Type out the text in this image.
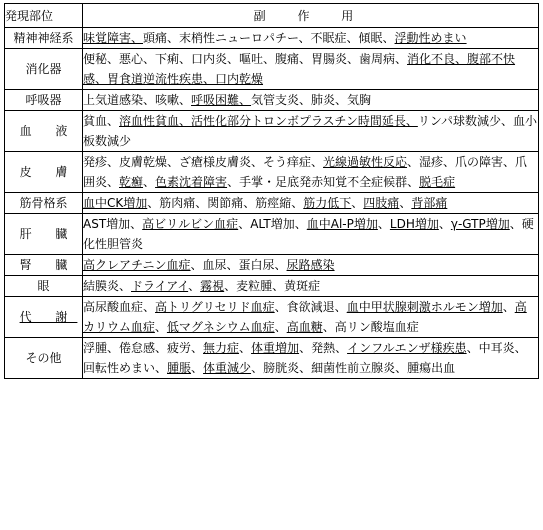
発現部位	副 作 用
精神神経系	味覚障害、頭痛、末梢性ニューロパチー、不眠症、傾眠、浮動性めまい
消化器	便秘、悪心、下痢、口内炎、嘔吐、腹痛、胃腸炎、歯周病、消化不良、腹部不快感、胃食道逆流性疾患、口内乾燥
呼吸器	上気道感染、咳嗽、呼吸困難、気管支炎、肺炎、気胸
血 液	貧血、溶血性貧血、活性化部分トロンボプラスチン時間延長、リンパ球数減少、血小板数減少
皮 膚	発疹、皮膚乾燥、ざ瘡様皮膚炎、そう痒症、光線過敏性反応、湿疹、爪の障害、爪囲炎、乾癬、色素沈着障害、手掌・足底発赤知覚不全症候群、脱毛症
筋骨格系	血中CK増加、筋肉痛、関節痛、筋痙縮、筋力低下、四肢痛、背部痛
肝 臓	AST増加、高ビリルビン血症、ALT増加、血中Al-P増加、LDH増加、γ-GTP増加、硬化性胆管炎
腎 臓	高クレアチニン血症、血尿、蛋白尿、尿路感染
眼	結膜炎、ドライアイ、霧視、麦粒腫、黄斑症
代 謝	高尿酸血症、高トリグリセリド血症、食欲減退、血中甲状腺刺激ホルモン増加、高カリウム血症、低マグネシウム血症、高血糖、高リン酸塩血症
その他	浮腫、倦怠感、疲労、無力症、体重増加、発熱、インフルエンザ様疾患、中耳炎、回転性めまい、腫脹、体重減少、膀胱炎、細菌性前立腺炎、腫瘍出血
